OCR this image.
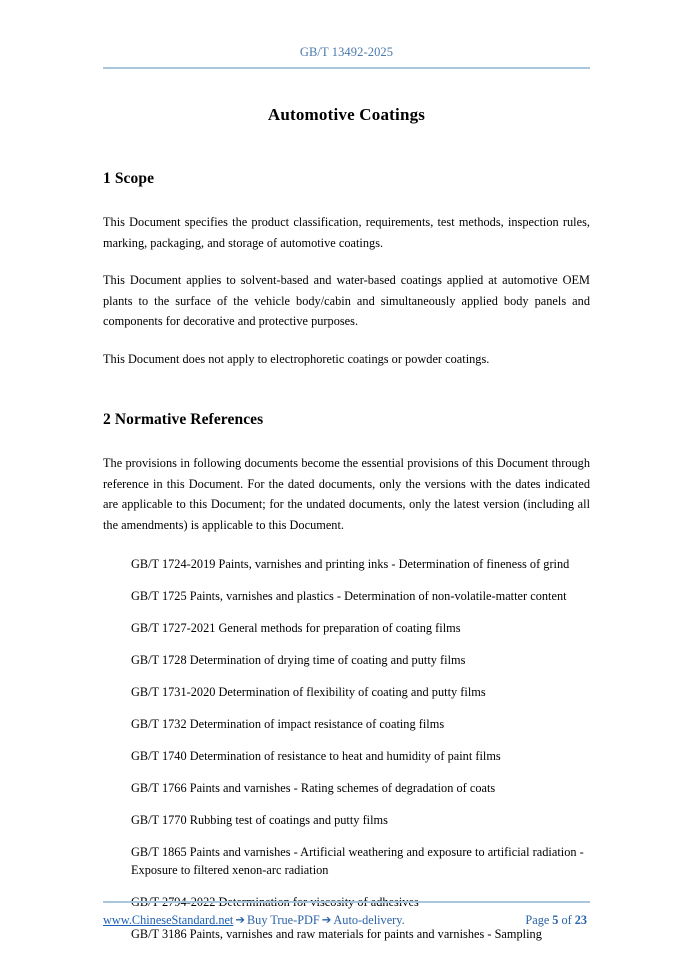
GB/T 13492-2025
Automotive Coatings
1 Scope

This Document specifies the product classification, requirements, test methods, inspection rules, marking, packaging, and storage of automotive coatings.

This Document applies to solvent-based and water-based coatings applied at automotive OEM plants to the surface of the vehicle body/cabin and simultaneously applied body panels and components for decorative and protective purposes.

This Document does not apply to electrophoretic coatings or powder coatings.

2 Normative References

The provisions in following documents become the essential provisions of this Document through reference in this Document. For the dated documents, only the versions with the dates indicated are applicable to this Document; for the undated documents, only the latest version (including all the amendments) is applicable to this Document.

GB/T 1724-2019 Paints, varnishes and printing inks - Determination of fineness of grind
GB/T 1725 Paints, varnishes and plastics - Determination of non-volatile-matter content
GB/T 1727-2021 General methods for preparation of coating films
GB/T 1728 Determination of drying time of coating and putty films
GB/T 1731-2020 Determination of flexibility of coating and putty films
GB/T 1732 Determination of impact resistance of coating films
GB/T 1740 Determination of resistance to heat and humidity of paint films
GB/T 1766 Paints and varnishes - Rating schemes of degradation of coats
GB/T 1770 Rubbing test of coatings and putty films
GB/T 1865 Paints and varnishes - Artificial weathering and exposure to artificial radiation - Exposure to filtered xenon-arc radiation
GB/T 3186 Paints, varnishes and raw materials for paints and varnishes - Sampling
www.ChineseStandard.net ➔ Buy True-PDF ➔ Auto-delivery.	Page 5 of 23
